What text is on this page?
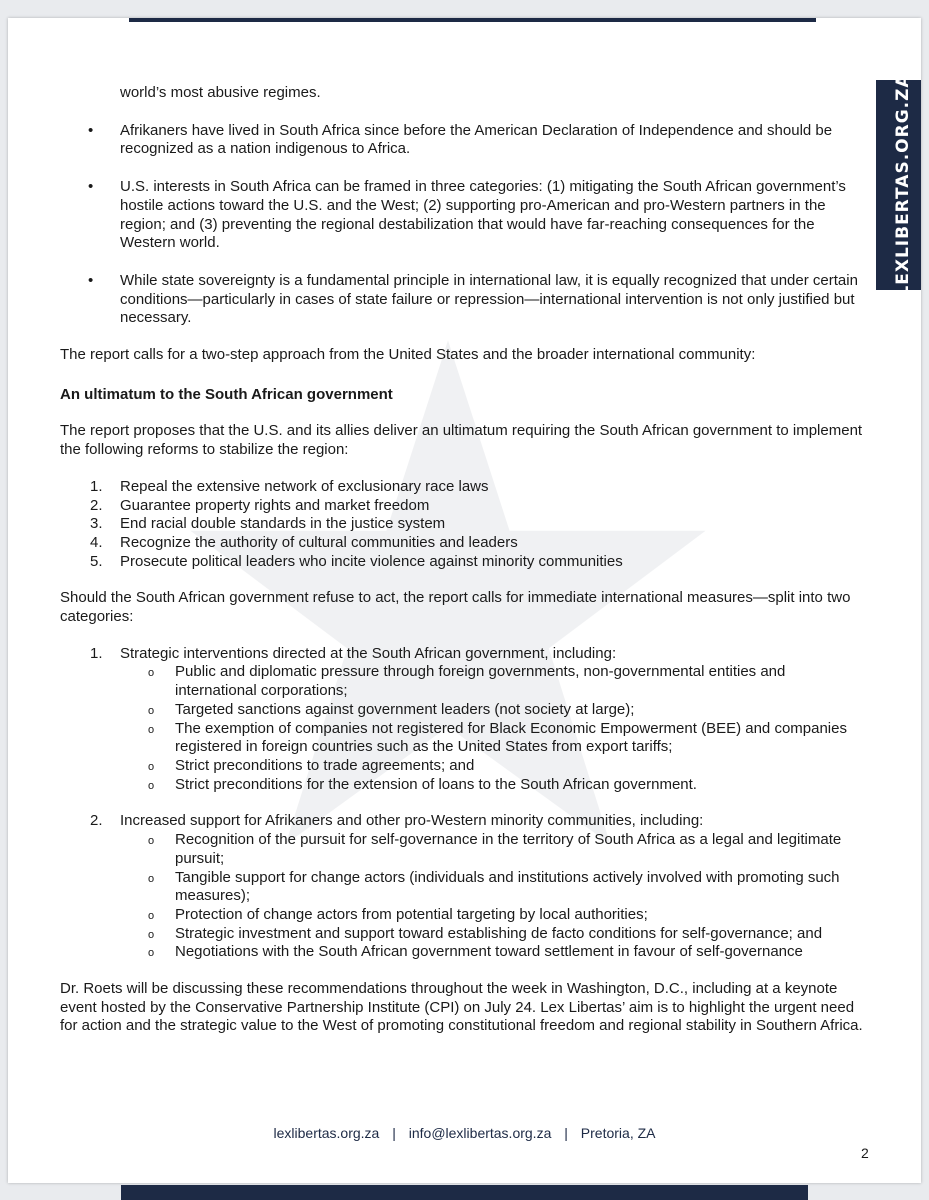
LEXLIBERTAS.ORG.ZA

world’s most abusive regimes.

• Afrikaners have lived in South Africa since before the American Declaration of Independence and should be recognized as a nation indigenous to Africa.
• U.S. interests in South Africa can be framed in three categories: (1) mitigating the South African government’s hostile actions toward the U.S. and the West; (2) supporting pro-American and pro-Western partners in the region; and (3) preventing the regional destabilization that would have far-reaching consequences for the Western world.
• While state sovereignty is a fundamental principle in international law, it is equally recognized that under certain conditions—particularly in cases of state failure or repression—international intervention is not only justified but necessary.

The report calls for a two-step approach from the United States and the broader international community:

An ultimatum to the South African government

The report proposes that the U.S. and its allies deliver an ultimatum requiring the South African government to implement the following reforms to stabilize the region:

1. Repeal the extensive network of exclusionary race laws
2. Guarantee property rights and market freedom
3. End racial double standards in the justice system
4. Recognize the authority of cultural communities and leaders
5. Prosecute political leaders who incite violence against minority communities

Should the South African government refuse to act, the report calls for immediate international measures—split into two categories:

1. Strategic interventions directed at the South African government, including:
o Public and diplomatic pressure through foreign governments, non-governmental entities and international corporations;
o Targeted sanctions against government leaders (not society at large);
o The exemption of companies not registered for Black Economic Empowerment (BEE) and companies registered in foreign countries such as the United States from export tariffs;
o Strict preconditions to trade agreements; and
o Strict preconditions for the extension of loans to the South African government.
2. Increased support for Afrikaners and other pro-Western minority communities, including:
o Recognition of the pursuit for self-governance in the territory of South Africa as a legal and legitimate pursuit;
o Tangible support for change actors (individuals and institutions actively involved with promoting such measures);
o Protection of change actors from potential targeting by local authorities;
o Strategic investment and support toward establishing de facto conditions for self-governance; and
o Negotiations with the South African government toward settlement in favour of self-governance

Dr. Roets will be discussing these recommendations throughout the week in Washington, D.C., including at a keynote event hosted by the Conservative Partnership Institute (CPI) on July 24. Lex Libertas’ aim is to highlight the urgent need for action and the strategic value to the West of promoting constitutional freedom and regional stability in Southern Africa.

lexlibertas.org.za | info@lexlibertas.org.za | Pretoria, ZA
2
